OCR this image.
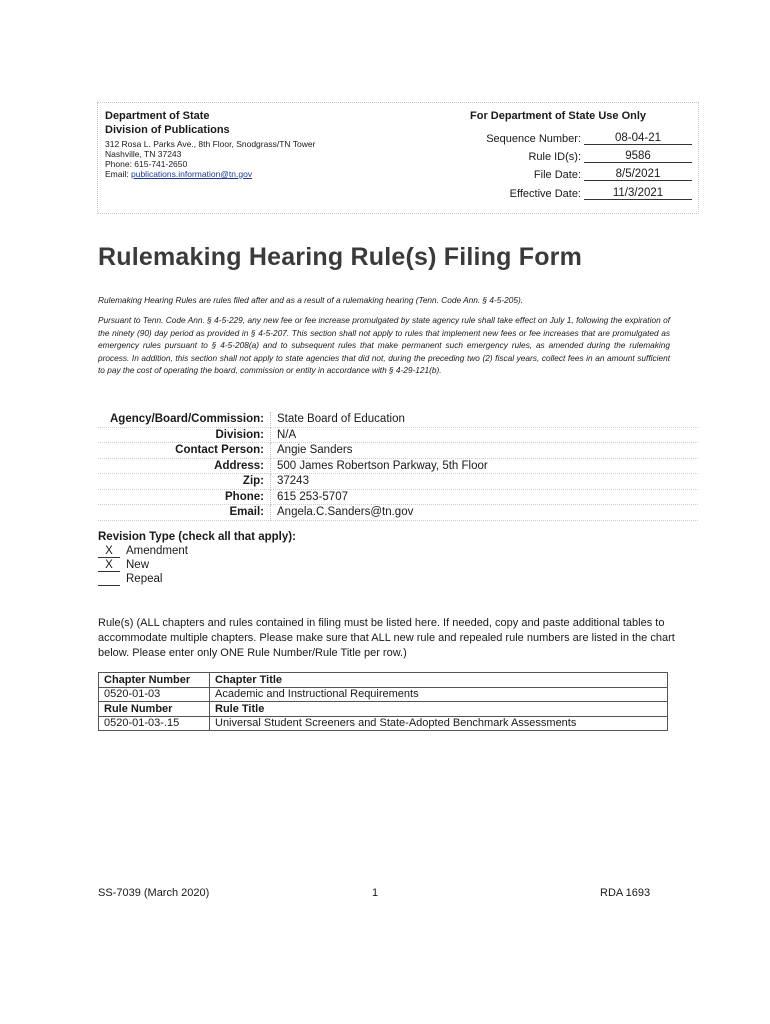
Department of State
Division of Publications
312 Rosa L. Parks Ave., 8th Floor, Snodgrass/TN Tower
Nashville, TN 37243
Phone: 615-741-2650
Email: publications.information@tn.gov
For Department of State Use Only
Sequence Number:	08-04-21
Rule ID(s):	9586
File Date:	8/5/2021
Effective Date:	11/3/2021
Rulemaking Hearing Rule(s) Filing Form
Rulemaking Hearing Rules are rules filed after and as a result of a rulemaking hearing (Tenn. Code Ann. § 4-5-205).
Pursuant to Tenn. Code Ann. § 4-5-229, any new fee or fee increase promulgated by state agency rule shall take effect on July 1, following the expiration of the ninety (90) day period as provided in § 4-5-207. This section shall not apply to rules that implement new fees or fee increases that are promulgated as emergency rules pursuant to § 4-5-208(a) and to subsequent rules that make permanent such emergency rules, as amended during the rulemaking process. In addition, this section shall not apply to state agencies that did not, during the preceding two (2) fiscal years, collect fees in an amount sufficient to pay the cost of operating the board, commission or entity in accordance with § 4-29-121(b).
Agency/Board/Commission:	State Board of Education
Division:	N/A
Contact Person:	Angie Sanders
Address:	500 James Robertson Parkway, 5th Floor
Zip:	37243
Phone:	615 253-5707
Email:	Angela.C.Sanders@tn.gov
Revision Type (check all that apply):
X Amendment
X New
Repeal
Rule(s) (ALL chapters and rules contained in filing must be listed here. If needed, copy and paste additional tables to accommodate multiple chapters. Please make sure that ALL new rule and repealed rule numbers are listed in the chart below. Please enter only ONE Rule Number/Rule Title per row.)
Chapter Number	Chapter Title
0520-01-03	Academic and Instructional Requirements
Rule Number	Rule Title
0520-01-03-.15	Universal Student Screeners and State-Adopted Benchmark Assessments
SS-7039 (March 2020)	1	RDA 1693
